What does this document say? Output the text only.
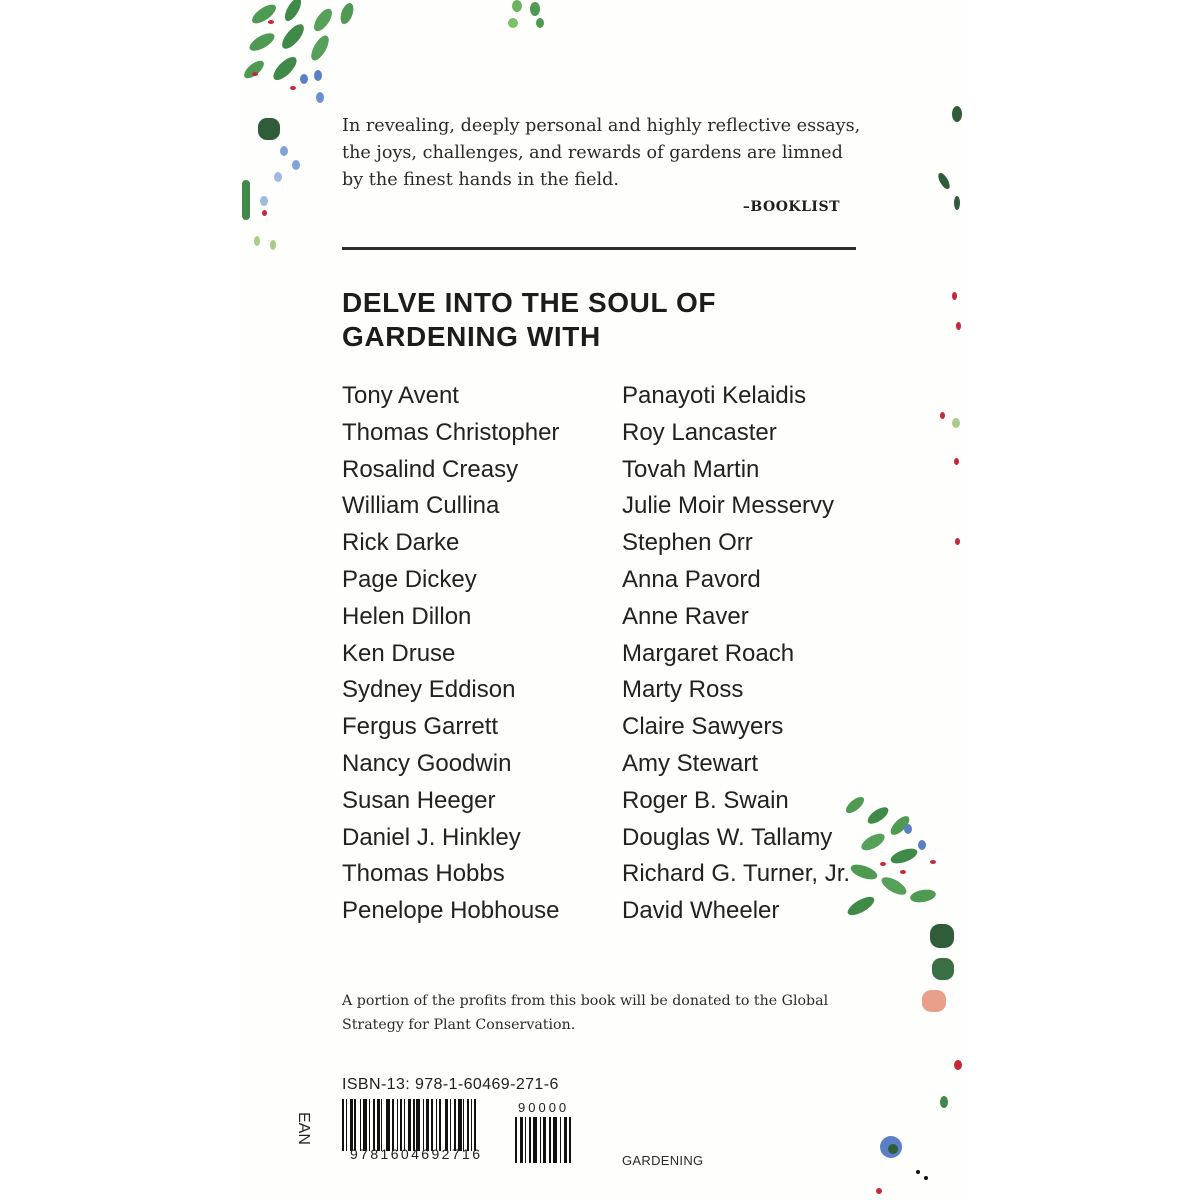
In revealing, deeply personal and highly reflective essays, the joys, challenges, and rewards of gardens are limned by the finest hands in the field.
–BOOKLIST
DELVE INTO THE SOUL OF GARDENING WITH
Tony Avent
Thomas Christopher
Rosalind Creasy
William Cullina
Rick Darke
Page Dickey
Helen Dillon
Ken Druse
Sydney Eddison
Fergus Garrett
Nancy Goodwin
Susan Heeger
Daniel J. Hinkley
Thomas Hobbs
Penelope Hobhouse
Panayoti Kelaidis
Roy Lancaster
Tovah Martin
Julie Moir Messervy
Stephen Orr
Anna Pavord
Anne Raver
Margaret Roach
Marty Ross
Claire Sawyers
Amy Stewart
Roger B. Swain
Douglas W. Tallamy
Richard G. Turner, Jr.
David Wheeler
A portion of the profits from this book will be donated to the Global Strategy for Plant Conservation.
ISBN-13: 978-1-60469-271-6
EAN
9781604692716
90000
GARDENING
